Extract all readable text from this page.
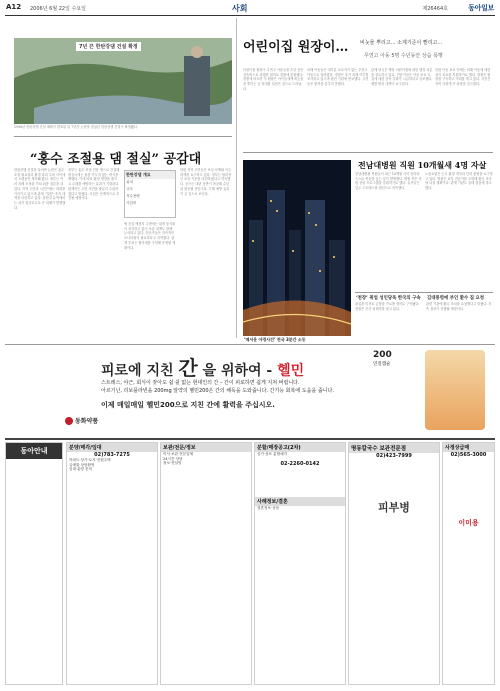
A12 2006년 6월 22일 수요일	사회	제26464호	동아일보
7년 끈 한탄강댐 건설 확정
1996년 한탄강댐 건설 계획이 발표된 뒤 7년간 논란을 빚었던 한탄강댐 건설이 확정됐다.
“홍수 조절용 댐 절실” 공감대
한탄강댐 건설을 둘러싼 논란은 홍수 조절 필요성과 환경 파괴 우려 사이에서 오랫동안 계속돼 왔다. 정부는 여러 차례 조정을 거쳐 최종 결론을 내렸다. 지역 주민과 시민단체는 대화를 이어가고 있으며 관계 기관은 후속 대책을 마련하고 있다. 한탄강 유역에서는 과거 집중호우로 큰 피해가 발생했다.
정부는 홍수 조절 전용 댐으로 건설해 평상시에는 물을 가두지 않는 방식을 택했다. 이에 따라 환경 영향을 줄이고 수해를 예방하는 효과가 기대된다. 관계자는 주민 의견을 충분히 수렴하겠다고 밝혔다. 사업은 단계적으로 추진될 예정이다.
한탄강댐 개요
위치
규모
저수용량
사업비
댐 건설 예정지 주변에는 희귀 동식물이 서식하고 있어 보존 대책도 함께 논의되고 있다. 전문가들은 지속적인 모니터링이 필요하다고 지적했다. 관계 부처는 협의체를 구성해 운영할 계획이다.
한편 지역 주민들은 보상 문제와 이주 대책을 요구하고 있다. 정부는 합리적인 보상 기준을 마련하겠다고 약속했다. 공사는 내년 상반기 착공해 수년 내 완공될 전망이다. 수해 예방 효과가 클 것으로 보인다.
어린이집 원장이… 비눗물 뿌리고… 소제기준이 빨리고…
무연고 아동 5명 수년동안 상습 폭행
어린이집 원장이 무연고 아동들을 수년 동안 상습적으로 폭행한 혐의로 경찰에 붙잡혔다. 경찰에 따르면 이 원장은 아이들에게 비눗물을 뿌리는 등 학대를 일삼은 것으로 드러났다.
피해 아동들은 대부분 보호자가 없는 무연고 아동으로 알려졌다. 경찰은 추가 피해 여부를 조사하고 있으며 관련 기관에 통보했다. 주민들은 충격을 감추지 못했다.
관계 당국은 해당 어린이집에 대한 행정 처분을 검토하고 있다. 전문가들은 아동 보호 시설에 대한 감독 강화가 시급하다고 강조했다. 재발 방지 대책이 요구된다.
한편 아동 보호 단체는 피해 아동에 대한 심리 치료를 지원하기로 했다. 경찰은 원장을 구속하고 여죄를 캐고 있다. 사건은 지역 사회에 큰 파장을 일으켰다.
전남대병원 직원 10개월새 4명 자살
‘매서운 야경사진’ 전국 3분간 소등
전남대병원 직원들이 최근 10개월 사이 잇따라 스스로 목숨을 끊는 일이 발생했다. 병원 측은 직원 상담 프로그램을 강화하기로 했다. 유족들은 업무 스트레스를 원인으로 지목했다.
노동조합은 근무 환경 개선과 인력 충원을 요구하고 있다. 병원은 외부 전문가를 초빙해 원인 조사에 나설 계획이다. 관계 기관도 실태 점검에 착수했다.
‘천장’ 취업 성인당독 한국의 구속
취업을 미끼로 금품을 가로챈 혐의로 구속됐다. 경찰은 추가 피해자를 찾고 있다.
김대통령에 부인 환수 집 요청
관련 기관에 환수 조치를 요청했다고 밝혔다. 후속 절차가 진행될 예정이다.
피로에 지친 간 을 위하여 - 헬민
200
연질캡슐
스트레스, 야근, 회식이 잦아도 쉽 쉴 없는 현대인의 간 – 간이 피로하면 쉽게 지쳐 버립니다.
아르기닌, 리보플라빈을 200mg 알약의 헬민200은 간의 해독을 도와줍니다. 간기능 회복에 도움을 줍니다.
이제 매일매일 헬민200으로 지친 간에 활력을 주십시오.
동화약품
동아안내	분양/매각/임대
02)783-7275
아파트·상가·토지·전원주택
급매물 상담환영
임대·분양 문의
보관/전문/정보
이사·보관 전문업체
24시간 상담
정보·컨설팅
분할/매장공고(2차)
상가·점포 분할매각
02-2260-0142
사례정보/결혼
결혼정보·상담
명동칼국수 보관전문점
02)423-7999
피부병
사정상급매
02)565-3000
이미용
